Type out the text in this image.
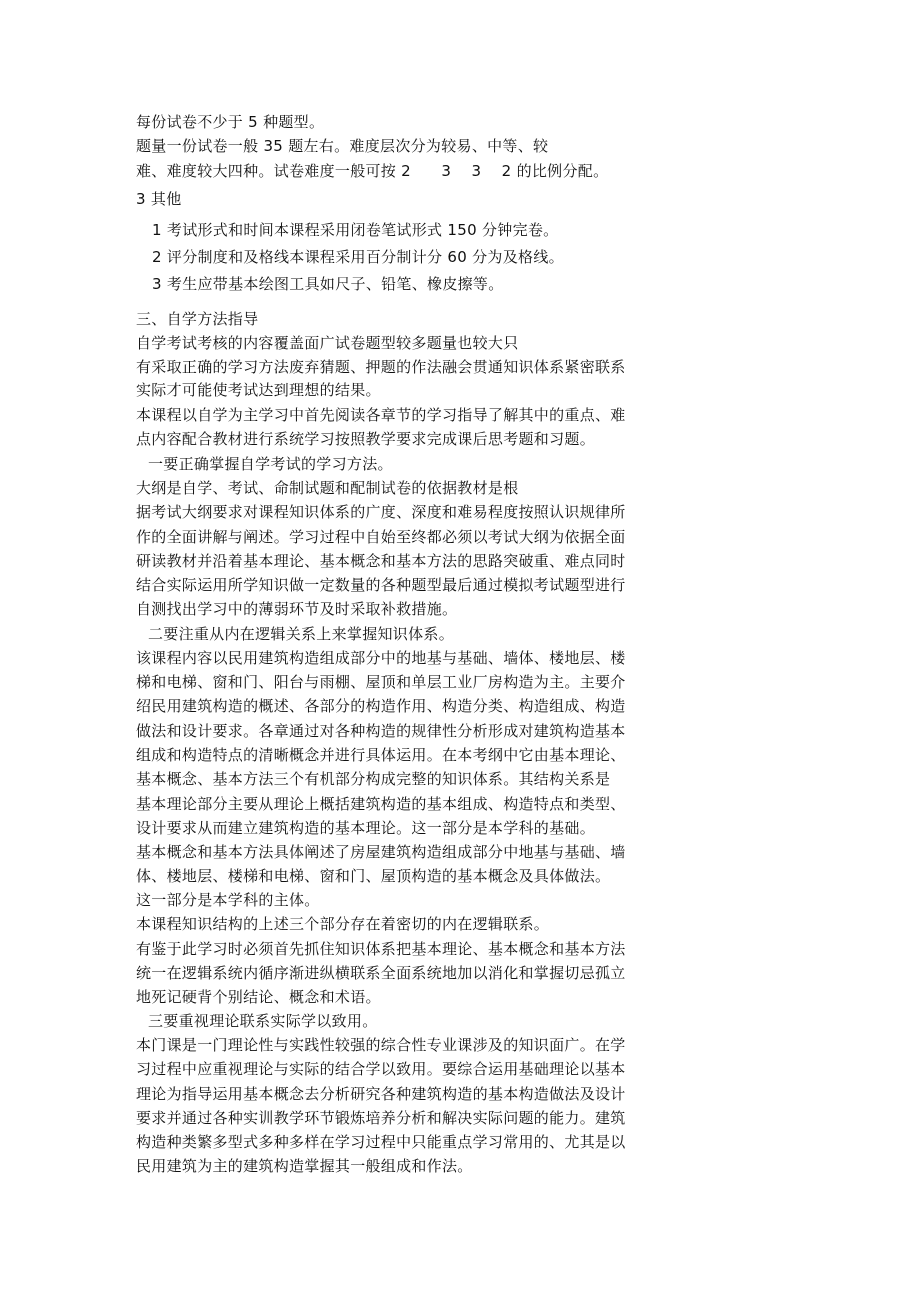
每份试卷不少于 5 种题型。

题量一份试卷一般 35 题左右。难度层次分为较易、中等、较

难、难度较大四种。试卷难度一般可按 2      3    3    2 的比例分配。

3 其他

1 考试形式和时间本课程采用闭卷笔试形式 150 分钟完卷。

2 评分制度和及格线本课程采用百分制计分 60 分为及格线。

3 考生应带基本绘图工具如尺子、铅笔、橡皮擦等。

三、自学方法指导

自学考试考核的内容覆盖面广试卷题型较多题量也较大只

有采取正确的学习方法废弃猜题、押题的作法融会贯通知识体系紧密联系

实际才可能使考试达到理想的结果。

本课程以自学为主学习中首先阅读各章节的学习指导了解其中的重点、难

点内容配合教材进行系统学习按照教学要求完成课后思考题和习题。

一要正确掌握自学考试的学习方法。

大纲是自学、考试、命制试题和配制试卷的依据教材是根

据考试大纲要求对课程知识体系的广度、深度和难易程度按照认识规律所

作的全面讲解与阐述。学习过程中自始至终都必须以考试大纲为依据全面

研读教材并沿着基本理论、基本概念和基本方法的思路突破重、难点同时

结合实际运用所学知识做一定数量的各种题型最后通过模拟考试题型进行

自测找出学习中的薄弱环节及时采取补救措施。

二要注重从内在逻辑关系上来掌握知识体系。

该课程内容以民用建筑构造组成部分中的地基与基础、墙体、楼地层、楼

梯和电梯、窗和门、阳台与雨棚、屋顶和单层工业厂房构造为主。主要介

绍民用建筑构造的概述、各部分的构造作用、构造分类、构造组成、构造

做法和设计要求。各章通过对各种构造的规律性分析形成对建筑构造基本

组成和构造特点的清晰概念并进行具体运用。在本考纲中它由基本理论、

基本概念、基本方法三个有机部分构成完整的知识体系。其结构关系是

基本理论部分主要从理论上概括建筑构造的基本组成、构造特点和类型、

设计要求从而建立建筑构造的基本理论。这一部分是本学科的基础。

基本概念和基本方法具体阐述了房屋建筑构造组成部分中地基与基础、墙

体、楼地层、楼梯和电梯、窗和门、屋顶构造的基本概念及具体做法。

这一部分是本学科的主体。

本课程知识结构的上述三个部分存在着密切的内在逻辑联系。

有鉴于此学习时必须首先抓住知识体系把基本理论、基本概念和基本方法

统一在逻辑系统内循序渐进纵横联系全面系统地加以消化和掌握切忌孤立

地死记硬背个别结论、概念和术语。

三要重视理论联系实际学以致用。

本门课是一门理论性与实践性较强的综合性专业课涉及的知识面广。在学

习过程中应重视理论与实际的结合学以致用。要综合运用基础理论以基本

理论为指导运用基本概念去分析研究各种建筑构造的基本构造做法及设计

要求并通过各种实训教学环节锻炼培养分析和解决实际问题的能力。建筑

构造种类繁多型式多种多样在学习过程中只能重点学习常用的、尤其是以

民用建筑为主的建筑构造掌握其一般组成和作法。
